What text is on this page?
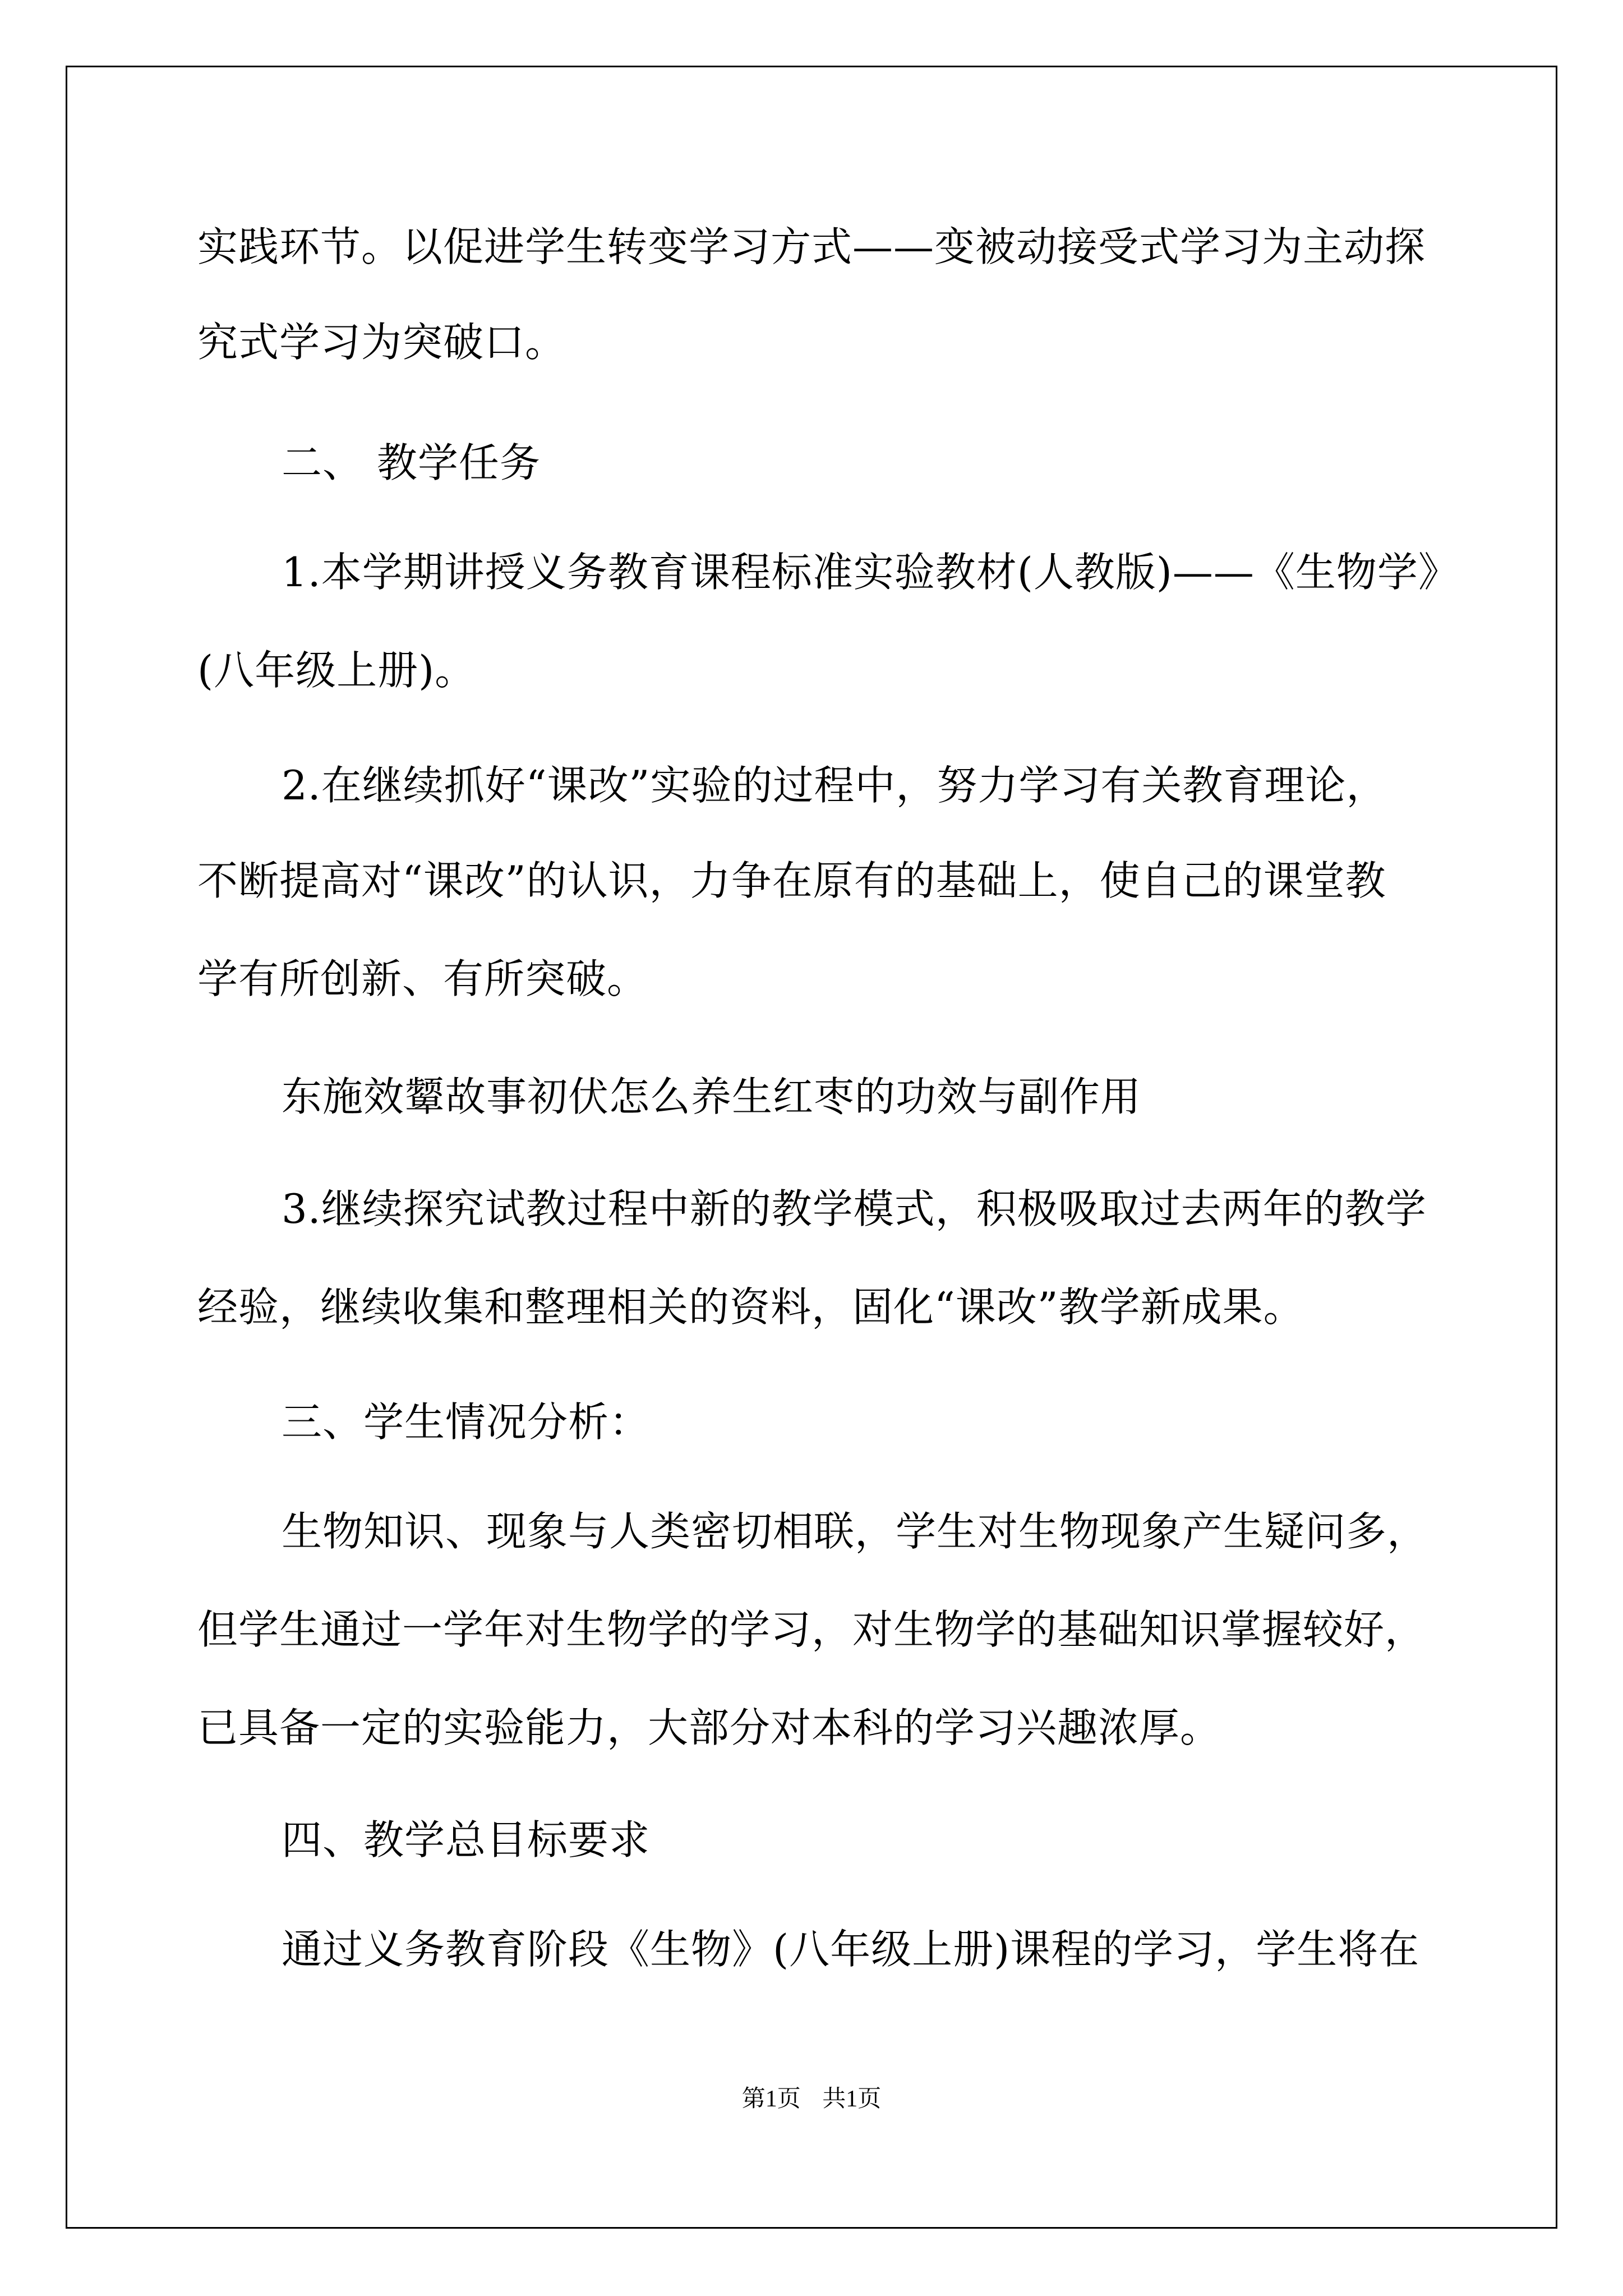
实践环节。以促进学生转变学习方式——变被动接受式学习为主动探
究式学习为突破口。
二、 教学任务
1.本学期讲授义务教育课程标准实验教材(人教版)——《生物学》
(八年级上册)。
2.在继续抓好“课改”实验的过程中，努力学习有关教育理论，
不断提高对“课改”的认识，力争在原有的基础上，使自己的课堂教
学有所创新、有所突破。
东施效颦故事初伏怎么养生红枣的功效与副作用
3.继续探究试教过程中新的教学模式，积极吸取过去两年的教学
经验，继续收集和整理相关的资料，固化“课改”教学新成果。
三、学生情况分析：
生物知识、现象与人类密切相联，学生对生物现象产生疑问多，
但学生通过一学年对生物学的学习，对生物学的基础知识掌握较好，
已具备一定的实验能力，大部分对本科的学习兴趣浓厚。
四、教学总目标要求
通过义务教育阶段《生物》(八年级上册)课程的学习，学生将在
第1页 共1页
